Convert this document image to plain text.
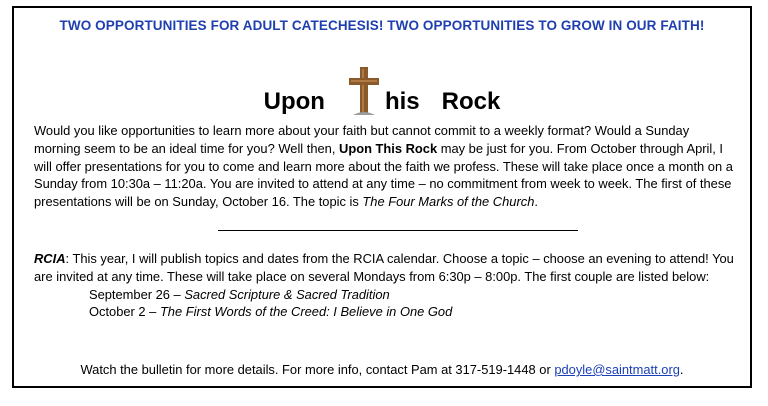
TWO OPPORTUNITIES FOR ADULT CATECHESIS! TWO OPPORTUNITIES TO GROW IN OUR FAITH!
Upon	his Rock
Would you like opportunities to learn more about your faith but cannot commit to a weekly format? Would a Sunday morning seem to be an ideal time for you? Well then, Upon This Rock may be just for you. From October through April, I will offer presentations for you to come and learn more about the faith we profess. These will take place once a month on a Sunday from 10:30a – 11:20a. You are invited to attend at any time – no commitment from week to week. The first of these presentations will be on Sunday, October 16. The topic is The Four Marks of the Church.
RCIA: This year, I will publish topics and dates from the RCIA calendar. Choose a topic – choose an evening to attend! You are invited at any time. These will take place on several Mondays from 6:30p – 8:00p. The first couple are listed below:
September 26 – Sacred Scripture & Sacred Tradition
October 2 – The First Words of the Creed: I Believe in One God
Watch the bulletin for more details. For more info, contact Pam at 317-519-1448 or pdoyle@saintmatt.org.
